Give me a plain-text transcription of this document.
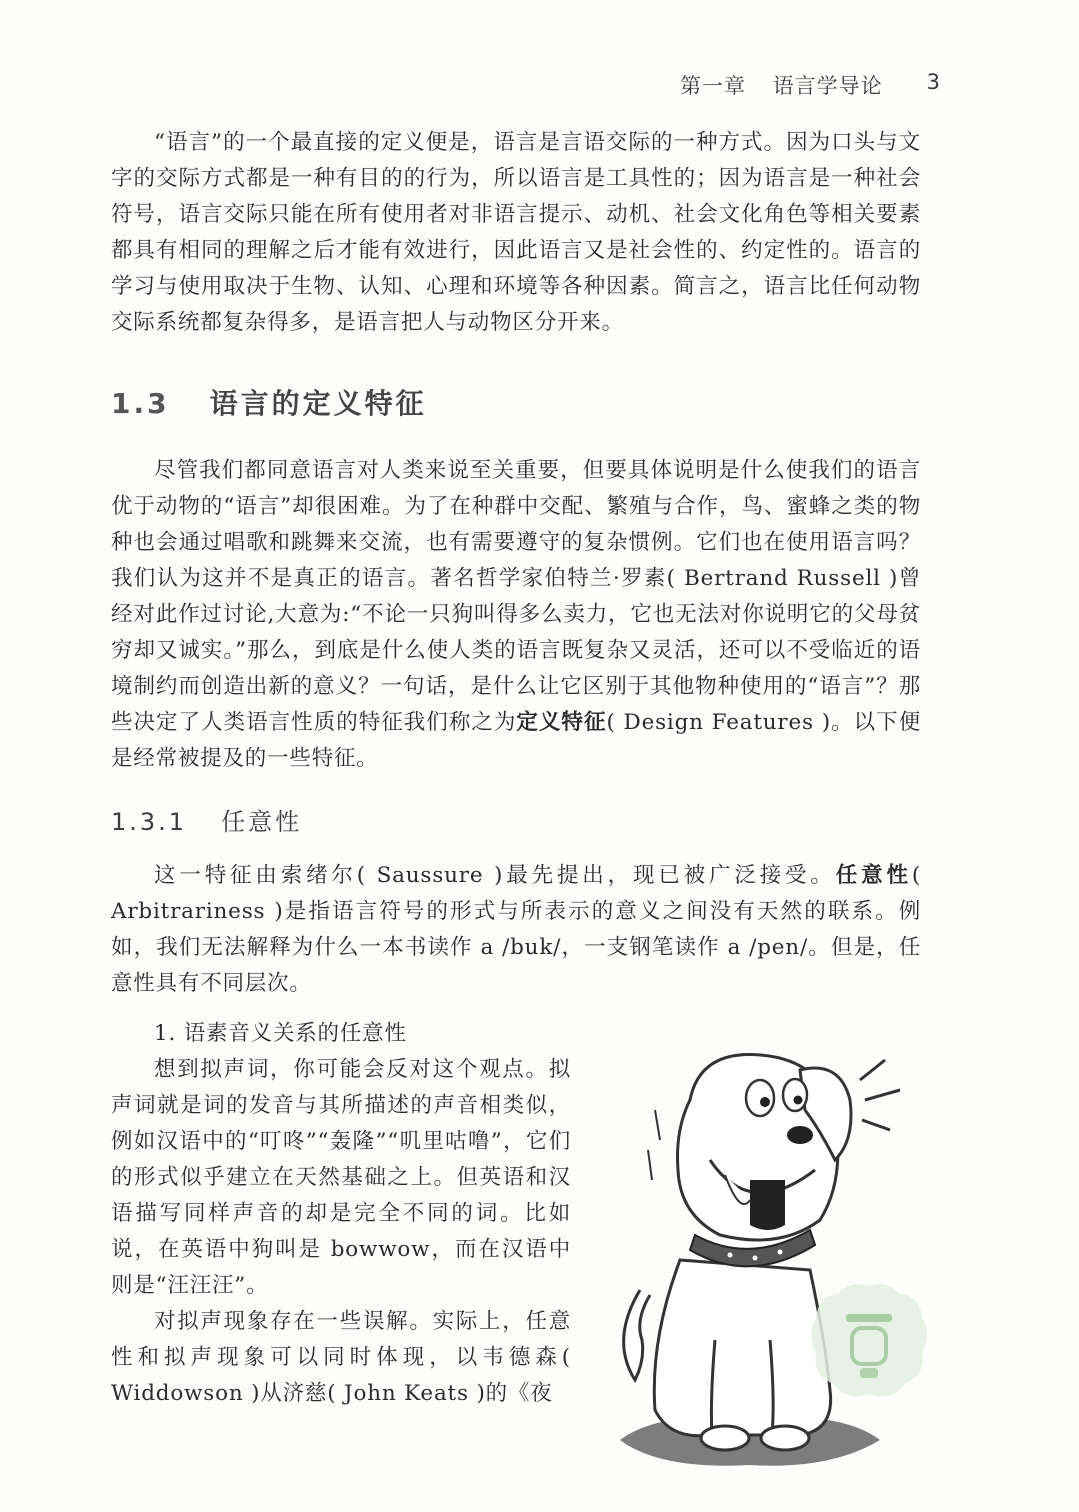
第一章 语言学导论 3

“语言”的一个最直接的定义便是，语言是言语交际的一种方式。因为口头与文字的交际方式都是一种有目的的行为，所以语言是工具性的；因为语言是一种社会符号，语言交际只能在所有使用者对非语言提示、动机、社会文化角色等相关要素都具有相同的理解之后才能有效进行，因此语言又是社会性的、约定性的。语言的学习与使用取决于生物、认知、心理和环境等各种因素。简言之，语言比任何动物交际系统都复杂得多，是语言把人与动物区分开来。

1.3 语言的定义特征

尽管我们都同意语言对人类来说至关重要，但要具体说明是什么使我们的语言优于动物的“语言”却很困难。为了在种群中交配、繁殖与合作，鸟、蜜蜂之类的物种也会通过唱歌和跳舞来交流，也有需要遵守的复杂惯例。它们也在使用语言吗？我们认为这并不是真正的语言。著名哲学家伯特兰·罗素( Bertrand Russell )曾经对此作过讨论,大意为:“不论一只狗叫得多么卖力，它也无法对你说明它的父母贫穷却又诚实。”那么，到底是什么使人类的语言既复杂又灵活，还可以不受临近的语境制约而创造出新的意义？一句话，是什么让它区别于其他物种使用的“语言”？那些决定了人类语言性质的特征我们称之为定义特征( Design Features )。以下便是经常被提及的一些特征。

1.3.1 任意性

这一特征由索绪尔( Saussure )最先提出，现已被广泛接受。任意性( Arbitrariness )是指语言符号的形式与所表示的意义之间没有天然的联系。例如，我们无法解释为什么一本书读作 a /buk/，一支钢笔读作 a /pen/。但是，任意性具有不同层次。

1. 语素音义关系的任意性

想到拟声词，你可能会反对这个观点。拟声词就是词的发音与其所描述的声音相类似，例如汉语中的“叮咚”“轰隆”“叽里咕噜”，它们的形式似乎建立在天然基础之上。但英语和汉语描写同样声音的却是完全不同的词。比如说，在英语中狗叫是 bowwow，而在汉语中则是“汪汪汪”。

对拟声现象存在一些误解。实际上，任意性和拟声现象可以同时体现，以韦德森( Widdowson )从济慈( John Keats )的《夜
